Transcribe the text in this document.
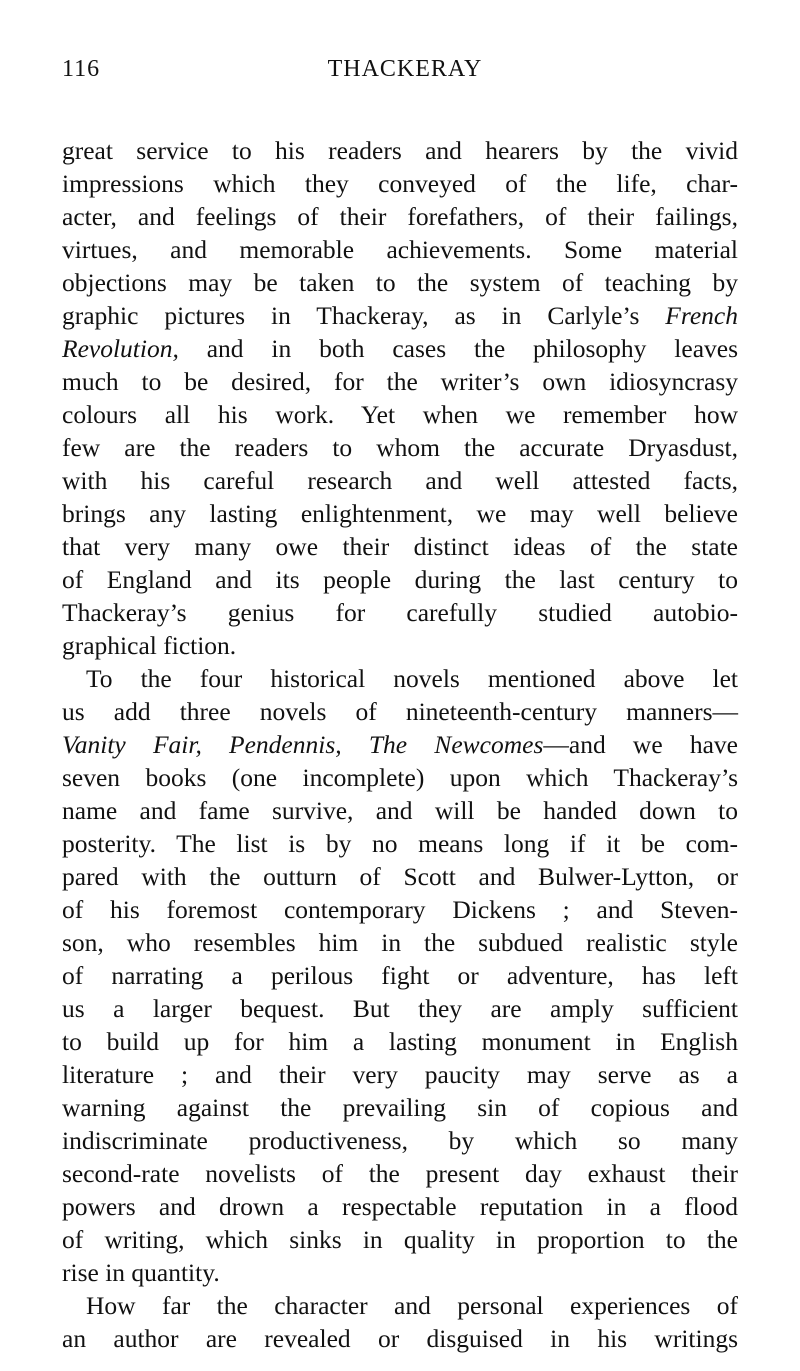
116	THACKERAY
great service to his readers and hearers by the vivid
impressions which they conveyed of the life, char-
acter, and feelings of their forefathers, of their failings,
virtues, and memorable achievements. Some material
objections may be taken to the system of teaching by
graphic pictures in Thackeray, as in Carlyle’s French
Revolution, and in both cases the philosophy leaves
much to be desired, for the writer’s own idiosyncrasy
colours all his work. Yet when we remember how
few are the readers to whom the accurate Dryasdust,
with his careful research and well attested facts,
brings any lasting enlightenment, we may well believe
that very many owe their distinct ideas of the state
of England and its people during the last century to
Thackeray’s genius for carefully studied autobio-
graphical fiction.
To the four historical novels mentioned above let
us add three novels of nineteenth-century manners—
Vanity Fair, Pendennis, The Newcomes—and we have
seven books (one incomplete) upon which Thackeray’s
name and fame survive, and will be handed down to
posterity. The list is by no means long if it be com-
pared with the outturn of Scott and Bulwer-Lytton, or
of his foremost contemporary Dickens ; and Steven-
son, who resembles him in the subdued realistic style
of narrating a perilous fight or adventure, has left
us a larger bequest. But they are amply sufficient
to build up for him a lasting monument in English
literature ; and their very paucity may serve as a
warning against the prevailing sin of copious and
indiscriminate productiveness, by which so many
second-rate novelists of the present day exhaust their
powers and drown a respectable reputation in a flood
of writing, which sinks in quality in proportion to the
rise in quantity.
How far the character and personal experiences of
an author are revealed or disguised in his writings
